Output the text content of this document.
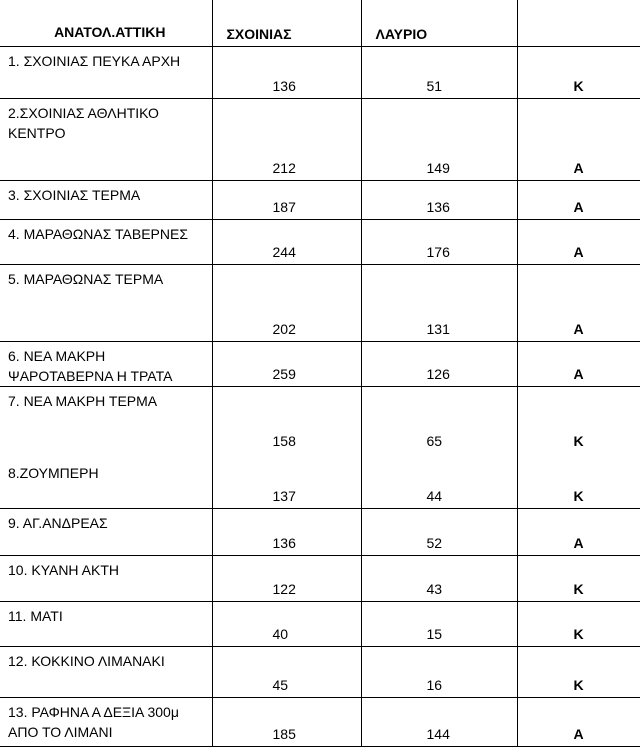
ΑΝΑΤΟΛ.ΑΤΤΙΚΗ	ΣΧΟΙΝΙΑΣ	ΛΑΥΡΙΟ	
1. ΣΧΟΙΝΙΑΣ ΠΕΥΚΑ ΑΡΧΗ	136	51	Κ

2.ΣΧΟΙΝΙΑΣ ΑΘΛΗΤΙΚΟ ΚΕΝΤΡΟ	212	149	Α

3. ΣΧΟΙΝΙΑΣ ΤΕΡΜΑ	187	136	Α

4. ΜΑΡΑΘΩΝΑΣ ΤΑΒΕΡΝΕΣ	244	176	Α

5. ΜΑΡΑΘΩΝΑΣ ΤΕΡΜΑ	202	131	Α

6. ΝΕΑ ΜΑΚΡΗ ΨΑΡΟΤΑΒΕΡΝΑ Η ΤΡΑΤΑ	259	126	Α

7. ΝΕΑ ΜΑΚΡΗ ΤΕΡΜΑ	158	65	Κ

8.ΖΟΥΜΠΕΡΗ	137	44	Κ

9. ΑΓ.ΑΝΔΡΕΑΣ	136	52	Α

10. ΚΥΑΝΗ ΑΚΤΗ	122	43	Κ

11. ΜΑΤΙ	40	15	Κ

12. ΚΟΚΚΙΝΟ ΛΙΜΑΝΑΚΙ	45	16	Κ

13. ΡΑΦΗΝΑ Α ΔΕΞΙΑ 300μ ΑΠΟ ΤΟ ΛΙΜΑΝΙ	185	144	Α
